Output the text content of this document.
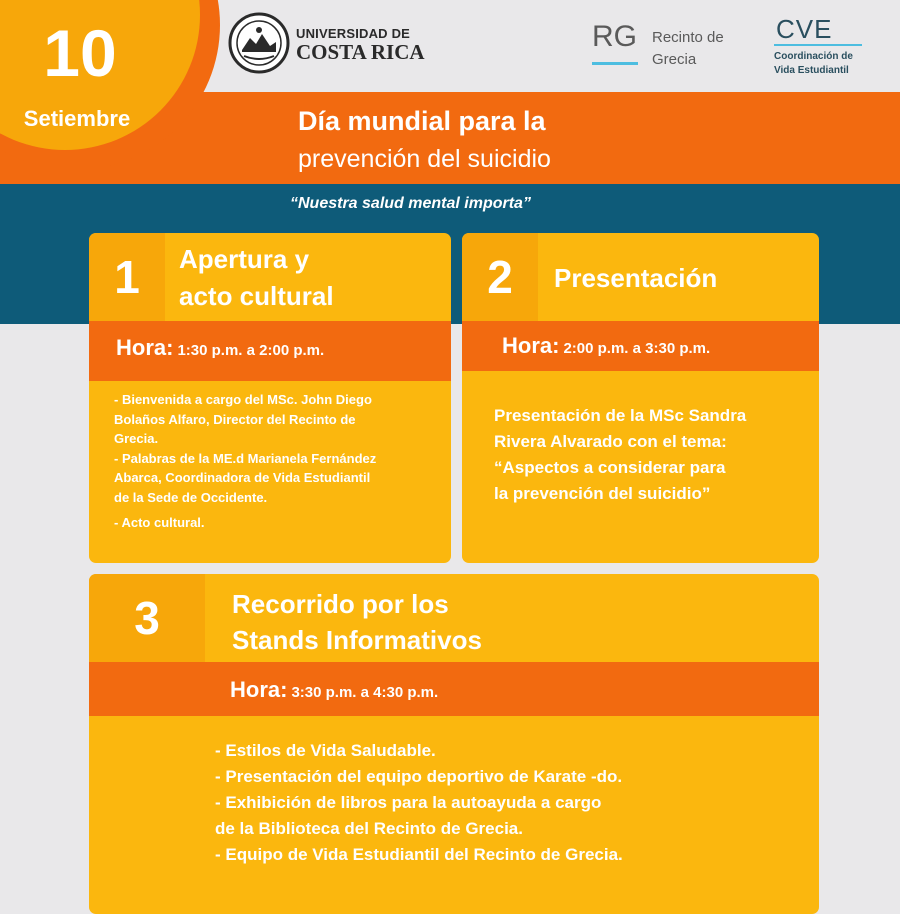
10
Setiembre
UNIVERSIDAD DE
COSTA RICA	RG Recinto de
Grecia
CVE
Coordinación de
Vida Estudiantil
Día mundial para la
prevención del suicidio
“Nuestra salud mental importa”
1	Apertura y
acto cultural
Hora: 1:30 p.m. a 2:00 p.m.

- Bienvenida a cargo del MSc. John Diego

Bolaños Alfaro, Director del Recinto de

Grecia.

- Palabras de la ME.d Marianela Fernández

Abarca, Coordinadora de Vida Estudiantil

de la Sede de Occidente.

- Acto cultural.

2	Presentación
Hora: 2:00 p.m. a 3:30 p.m.

Presentación de la MSc Sandra

Rivera Alvarado con el tema:

“Aspectos a considerar para

la prevención del suicidio”

3	Recorrido por los
Stands Informativos
Hora: 3:30 p.m. a 4:30 p.m.

- Estilos de Vida Saludable.

- Presentación del equipo deportivo de Karate -do.

- Exhibición de libros para la autoayuda a cargo

de la Biblioteca del Recinto de Grecia.

- Equipo de Vida Estudiantil del Recinto de Grecia.
